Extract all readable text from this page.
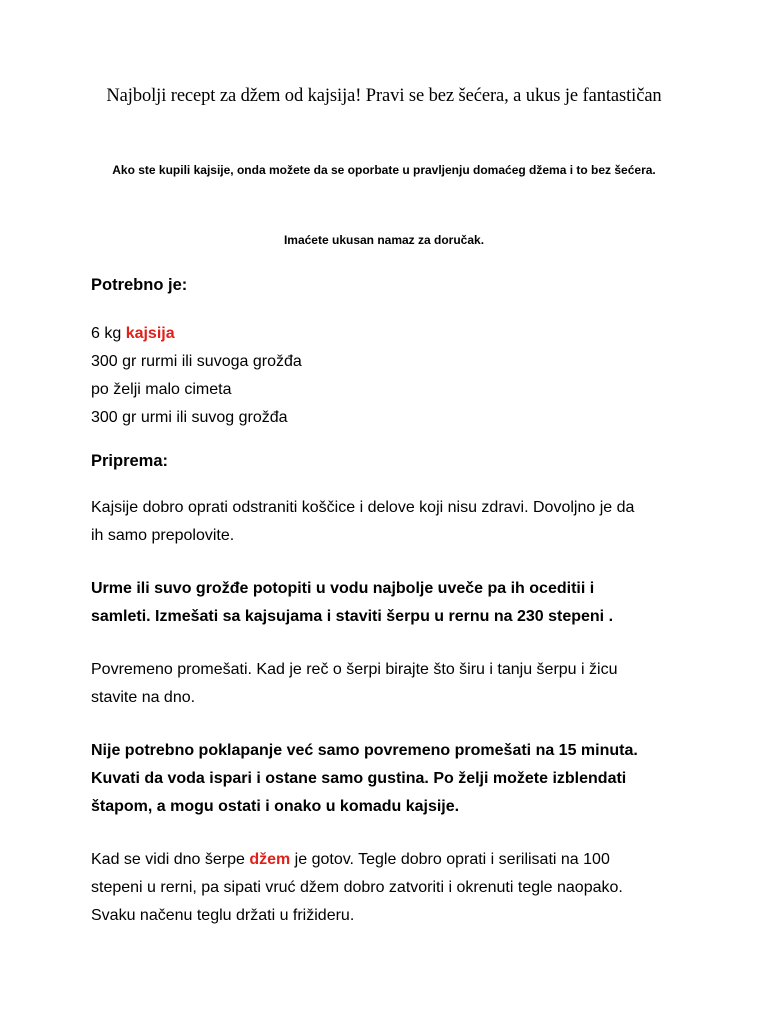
Najbolji recept za džem od kajsija! Pravi se bez šećera, a ukus je fantastičan
Ako ste kupili kajsije, onda možete da se oporbate u pravljenju domaćeg džema i to bez šećera.
Imaćete ukusan namaz za doručak.
Potrebno je:
6 kg kajsija
300 gr rurmi ili suvoga grožđa
po želji malo cimeta
300 gr urmi ili suvog grožđa
Priprema:
Kajsije dobro oprati odstraniti koščice i delove koji nisu zdravi. Dovoljno je da
ih samo prepolovite.
Urme ili suvo grožđe potopiti u vodu najbolje uveče pa ih oceditii i
samleti. Izmešati sa kajsujama i staviti šerpu u rernu na 230 stepeni .
Povremeno promešati. Kad je reč o šerpi birajte što širu i tanju šerpu i žicu
stavite na dno.
Nije potrebno poklapanje već samo povremeno promešati na 15 minuta.
Kuvati da voda ispari i ostane samo gustina. Po želji možete izblendati
štapom, a mogu ostati i onako u komadu kajsije.
Kad se vidi dno šerpe džem je gotov. Tegle dobro oprati i serilisati na 100
stepeni u rerni, pa sipati vruć džem dobro zatvoriti i okrenuti tegle naopako.
Svaku načenu teglu držati u frižideru.
